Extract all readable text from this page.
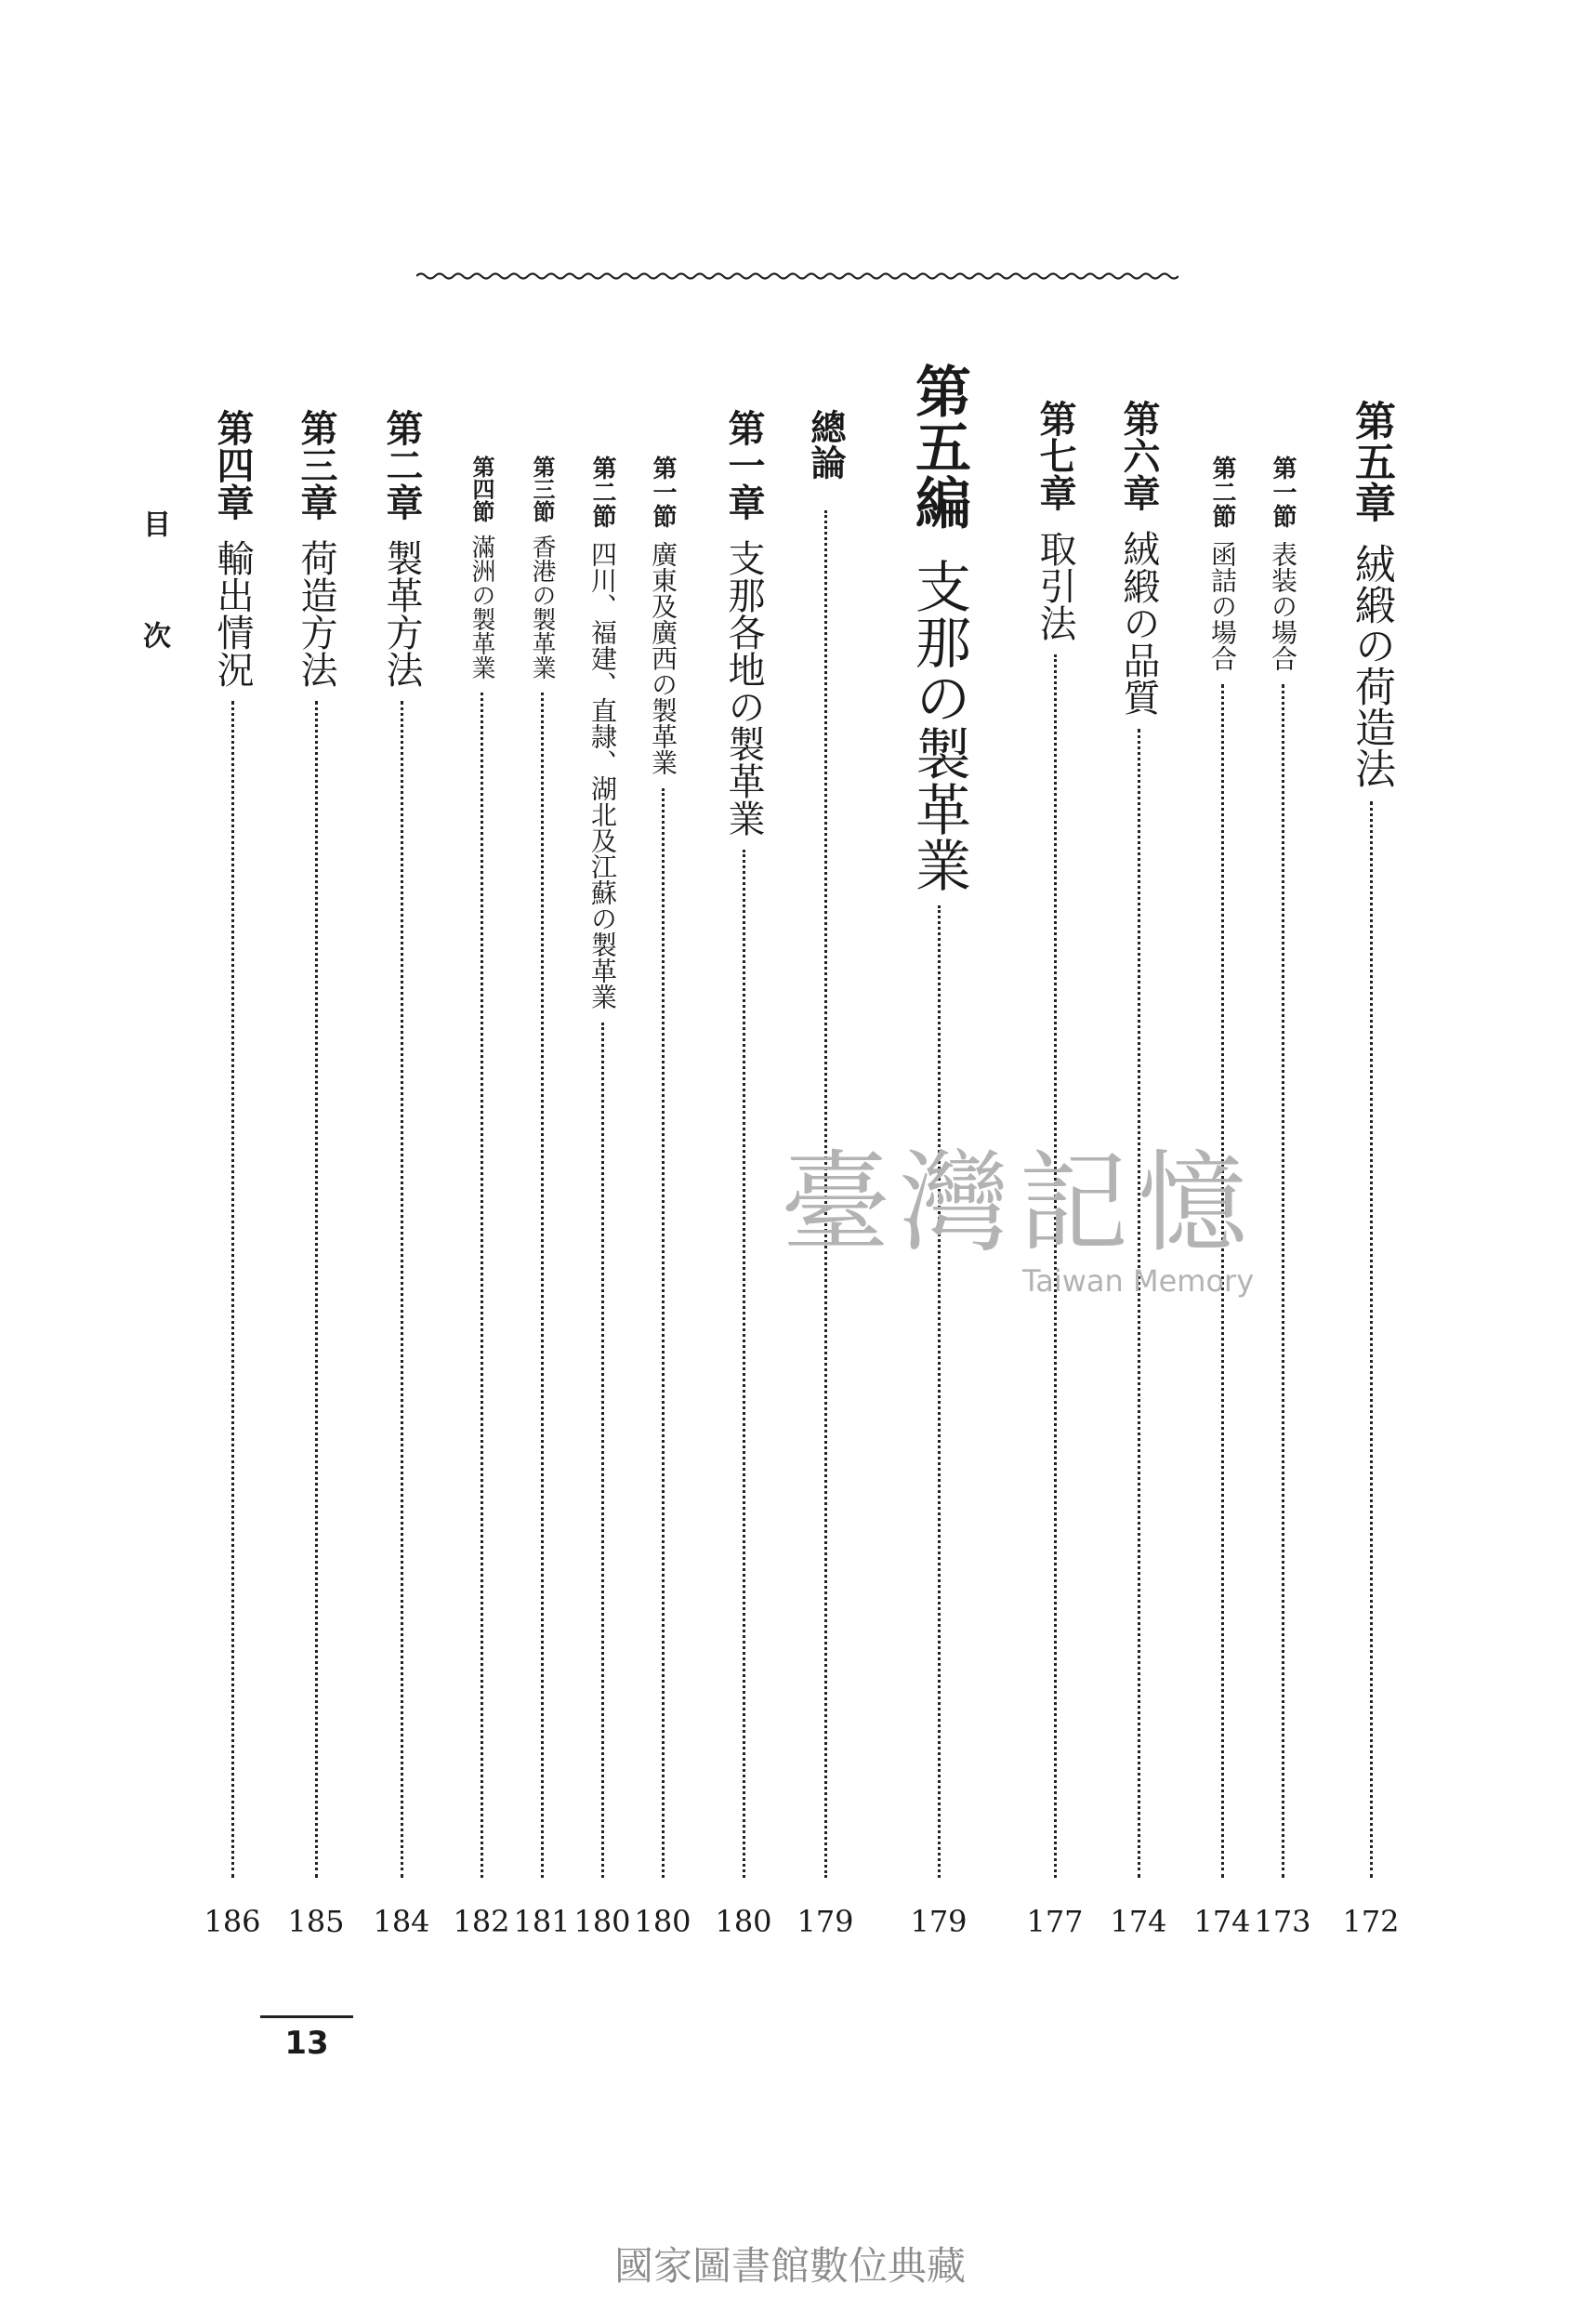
第五章絨緞の荷造法
172
第一節表装の場合
173
第二節函詰の場合
174
第六章絨緞の品質
174
第七章取引法
177
第五編支那の製革業
179
總論
179
第一章支那各地の製革業
180
第一節廣東及廣西の製革業
180
第二節四川、福建、直隷、湖北及江蘇の製革業
180
第三節香港の製革業
181
第四節滿洲の製革業
182
第二章製革方法
184
第三章荷造方法
185
第四章輸出情況
186
目次
臺灣記憶
Taiwan Memory
13
國家圖書館數位典藏
